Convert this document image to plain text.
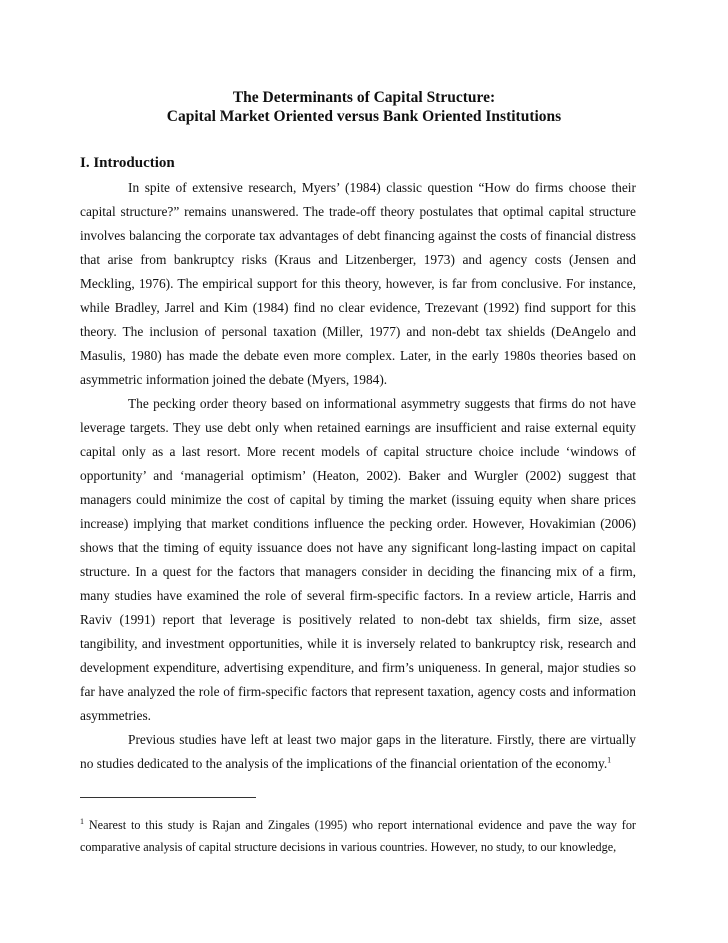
The Determinants of Capital Structure:
Capital Market Oriented versus Bank Oriented Institutions
I. Introduction

In spite of extensive research, Myers’ (1984) classic question “How do firms choose their capital structure?” remains unanswered. The trade-off theory postulates that optimal capital structure involves balancing the corporate tax advantages of debt financing against the costs of financial distress that arise from bankruptcy risks (Kraus and Litzenberger, 1973) and agency costs (Jensen and Meckling, 1976). The empirical support for this theory, however, is far from conclusive. For instance, while Bradley, Jarrel and Kim (1984) find no clear evidence, Trezevant (1992) find support for this theory. The inclusion of personal taxation (Miller, 1977) and non-debt tax shields (DeAngelo and Masulis, 1980) has made the debate even more complex. Later, in the early 1980s theories based on asymmetric information joined the debate (Myers, 1984).

The pecking order theory based on informational asymmetry suggests that firms do not have leverage targets. They use debt only when retained earnings are insufficient and raise external equity capital only as a last resort. More recent models of capital structure choice include ‘windows of opportunity’ and ‘managerial optimism’ (Heaton, 2002). Baker and Wurgler (2002) suggest that managers could minimize the cost of capital by timing the market (issuing equity when share prices increase) implying that market conditions influence the pecking order. However, Hovakimian (2006) shows that the timing of equity issuance does not have any significant long-lasting impact on capital structure. In a quest for the factors that managers consider in deciding the financing mix of a firm, many studies have examined the role of several firm-specific factors. In a review article, Harris and Raviv (1991) report that leverage is positively related to non-debt tax shields, firm size, asset tangibility, and investment opportunities, while it is inversely related to bankruptcy risk, research and development expenditure, advertising expenditure, and firm’s uniqueness. In general, major studies so far have analyzed the role of firm-specific factors that represent taxation, agency costs and information asymmetries.

Previous studies have left at least two major gaps in the literature. Firstly, there are virtually no studies dedicated to the analysis of the implications of the financial orientation of the economy.$^1$

$^1$ Nearest to this study is Rajan and Zingales (1995) who report international evidence and pave the way for comparative analysis of capital structure decisions in various countries. However, no study, to our knowledge,
